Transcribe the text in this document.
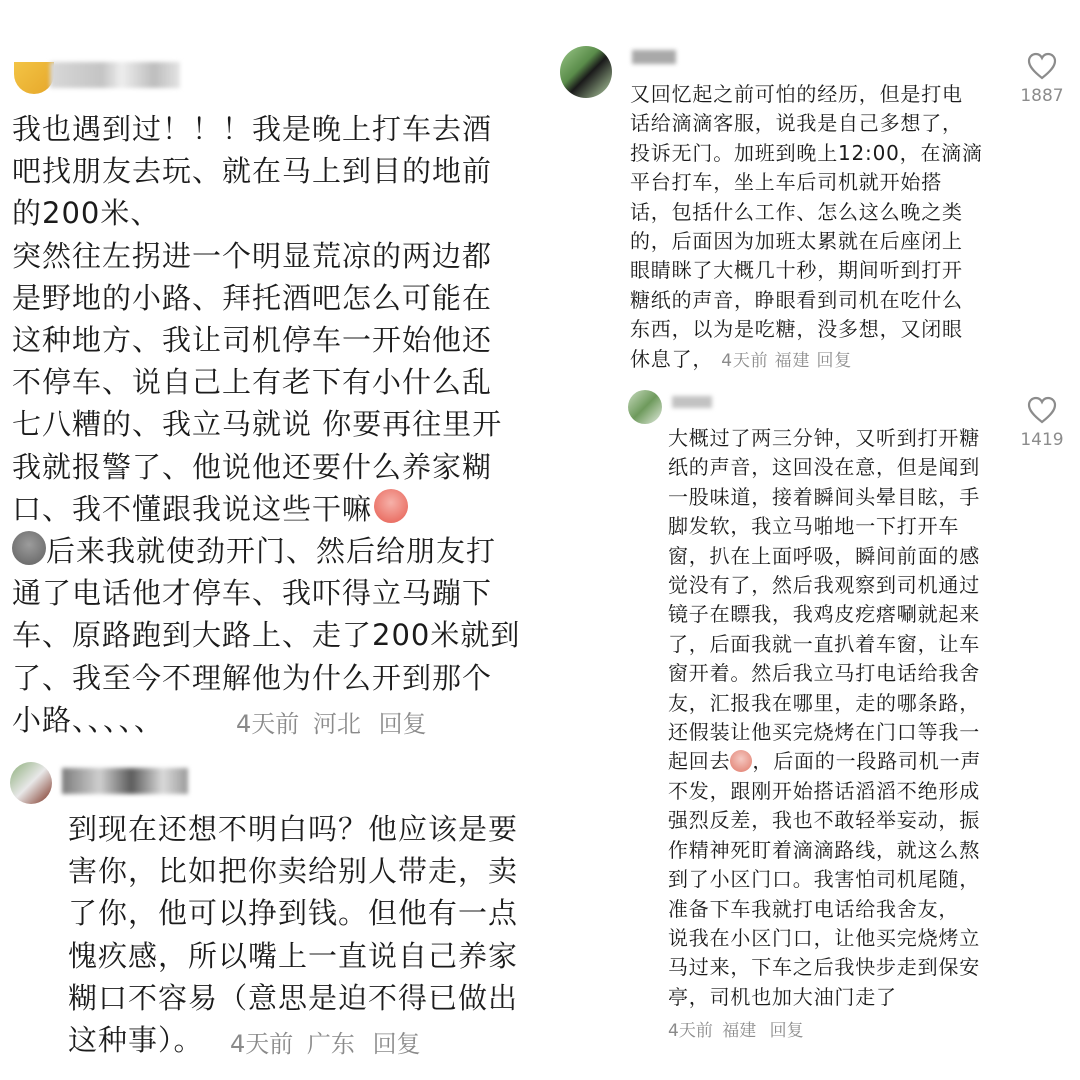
我也遇到过！！！我是晚上打车去酒
吧找朋友去玩、就在马上到目的地前
的200米、
突然往左拐进一个明显荒凉的两边都
是野地的小路、拜托酒吧怎么可能在
这种地方、我让司机停车一开始他还
不停车、说自己上有老下有小什么乱
七八糟的、我立马就说 你要再往里开
我就报警了、他说他还要什么养家糊
口、我不懂跟我说这些干嘛
后来我就使劲开门、然后给朋友打
通了电话他才停车、我吓得立马蹦下
车、原路跑到大路上、走了200米就到
了、我至今不理解他为什么开到那个
小路、、、、、	4天前 河北 回复
到现在还想不明白吗？他应该是要
害你，比如把你卖给别人带走，卖
了你，他可以挣到钱。但他有一点
愧疚感，所以嘴上一直说自己养家
糊口不容易（意思是迫不得已做出
这种事）。	4天前 广东 回复
又回忆起之前可怕的经历，但是打电
话给滴滴客服，说我是自己多想了，
投诉无门。加班到晚上12:00，在滴滴
平台打车，坐上车后司机就开始搭
话，包括什么工作、怎么这么晚之类
的，后面因为加班太累就在后座闭上
眼睛眯了大概几十秒，期间听到打开
糖纸的声音，睁眼看到司机在吃什么
东西，以为是吃糖，没多想，又闭眼
休息了， 4天前 福建 回复
1887
大概过了两三分钟，又听到打开糖
纸的声音，这回没在意，但是闻到
一股味道，接着瞬间头晕目眩，手
脚发软，我立马啪地一下打开车
窗，扒在上面呼吸，瞬间前面的感
觉没有了，然后我观察到司机通过
镜子在瞟我，我鸡皮疙瘩唰就起来
了，后面我就一直扒着车窗，让车
窗开着。然后我立马打电话给我舍
友，汇报我在哪里，走的哪条路，
还假装让他买完烧烤在门口等我一
起回去 ，后面的一段路司机一声
不发，跟刚开始搭话滔滔不绝形成
强烈反差，我也不敢轻举妄动，振
作精神死盯着滴滴路线，就这么熬
到了小区门口。我害怕司机尾随，
准备下车我就打电话给我舍友，
说我在小区门口，让他买完烧烤立
马过来，下车之后我快步走到保安
亭，司机也加大油门走了
4天前 福建 回复
1419
